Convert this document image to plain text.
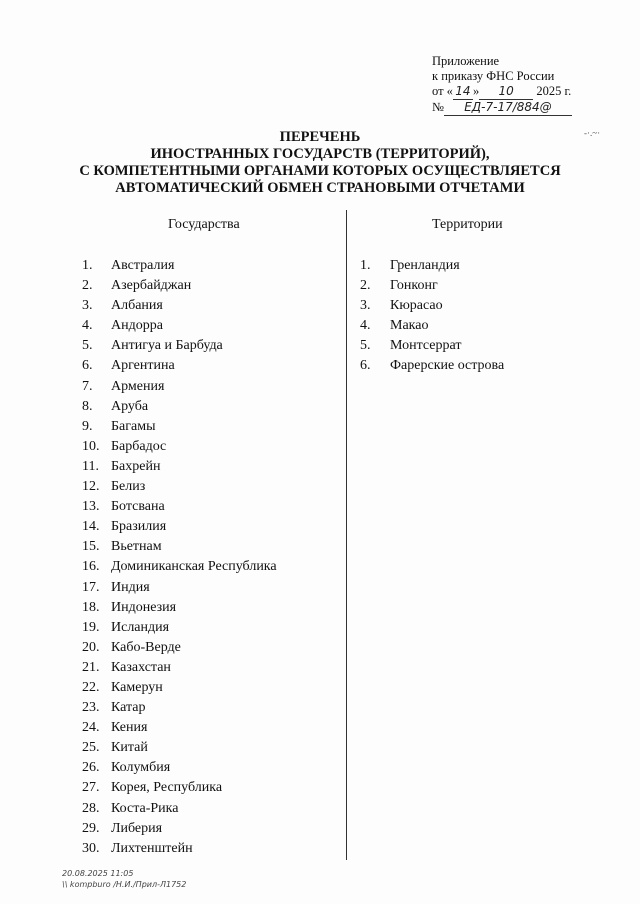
Приложение
к приказу ФНС России
от « 14 » 10 2025 г.
№ ЕД-7-17/884@
-·.~·
ПЕРЕЧЕНЬ
ИНОСТРАННЫХ ГОСУДАРСТВ (ТЕРРИТОРИЙ),
С КОМПЕТЕНТНЫМИ ОРГАНАМИ КОТОРЫХ ОСУЩЕСТВЛЯЕТСЯ
АВТОМАТИЧЕСКИЙ ОБМЕН СТРАНОВЫМИ ОТЧЕТАМИ
Государства	Территории
1. Австралия
2. Азербайджан
3. Албания
4. Андорра
5. Антигуа и Барбуда
6. Аргентина
7. Армения
8. Аруба
9. Багамы
10. Барбадос
11. Бахрейн
12. Белиз
13. Ботсвана
14. Бразилия
15. Вьетнам
16. Доминиканская Республика
17. Индия
18. Индонезия
19. Исландия
20. Кабо-Верде
21. Казахстан
22. Камерун
23. Катар
24. Кения
25. Китай
26. Колумбия
27. Корея, Республика
28. Коста-Рика
29. Либерия
30. Лихтенштейн
1. Гренландия
2. Гонконг
3. Кюрасао
4. Макао
5. Монтсеррат
6. Фарерские острова
20.08.2025 11:05
\\ kompburo /Н.И./Прил-Л1752
